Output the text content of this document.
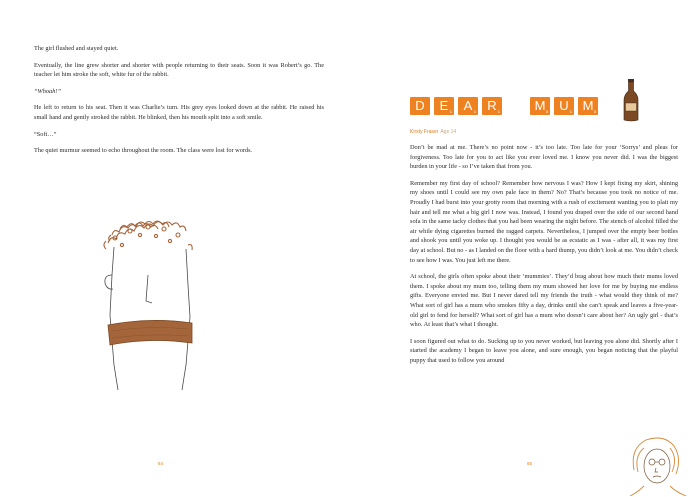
The girl flushed and stayed quiet.

Eventually, the line grew shorter and shorter with people returning to their seats. Soon it was Robert’s go. The teacher let him stroke the soft, white fur of the rabbit.

“Whoah!”

He left to return to his seat. Then it was Charlie’s turn. His grey eyes looked down at the rabbit. He raised his small hand and gently stroked the rabbit. He blinked, then his mouth split into a soft smile.

“Soft…”

The quiet murmur seemed to echo throughout the room. The class were lost for words.

64
D	E 1 A 1 R 1	M 3 U 1 M 3
Kirsty Fraser Age 14

Don’t be mad at me. There’s no point now - it’s too late. Too late for your ‘Sorrys’ and pleas for forgiveness. Too late for you to act like you ever loved me. I know you never did. I was the biggest burden in your life - so I’ve taken that from you.

Remember my first day of school? Remember how nervous I was? How I kept fixing my skirt, shining my shoes until I could see my own pale face in them? No? That’s because you took no notice of me. Proudly I had burst into your grotty room that morning with a rush of excitement wanting you to plait my hair and tell me what a big girl I now was. Instead, I found you draped over the side of our second hand sofa in the same tacky clothes that you had been wearing the night before. The stench of alcohol filled the air while dying cigarettes burned the ragged carpets. Nevertheless, I jumped over the empty beer bottles and shook you until you woke up. I thought you would be as ecstatic as I was - after all, it was my first day at school. But no - as I landed on the floor with a hard thump, you didn’t look at me. You didn’t check to see how I was. You just left me there.

At school, the girls often spoke about their ‘mummies’. They’d brag about how much their mums loved them. I spoke about my mum too, telling them my mum showed her love for me by buying me endless gifts. Everyone envied me. But I never dared tell my friends the truth - what would they think of me? What sort of girl has a mum who smokes fifty a day, drinks until she can’t speak and leaves a five-year-old girl to fend for herself? What sort of girl has a mum who doesn’t care about her? An ugly girl - that’s who. At least that’s what I thought.

I soon figured out what to do. Sucking up to you never worked, but leaving you alone did. Shortly after I started the academy I began to leave you alone, and sure enough, you began noticing that the playful puppy that used to follow you around

65
